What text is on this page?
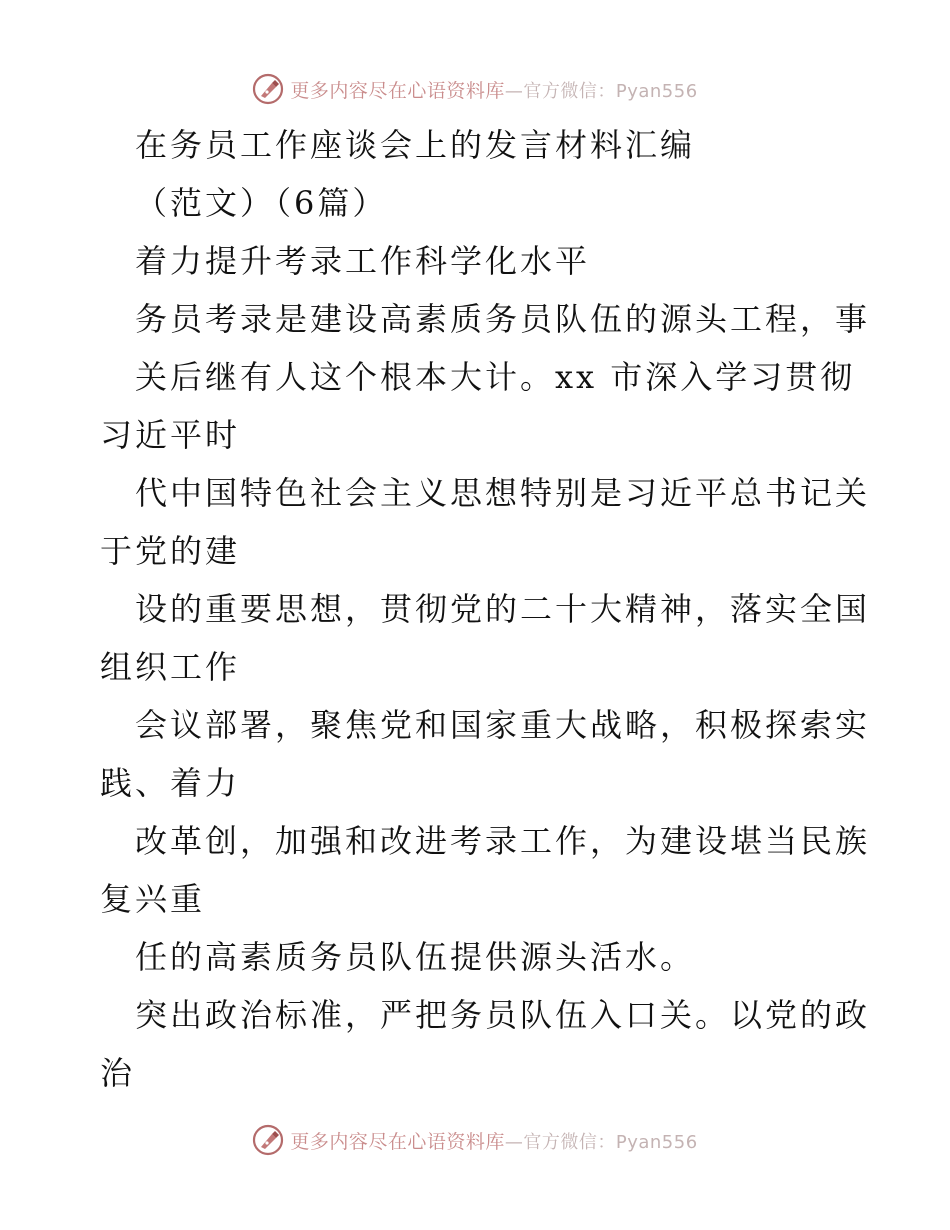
更多内容尽在心语资料库—官方微信：Pyan556
在务员工作座谈会上的发言材料汇编
（范文）（6篇）
着力提升考录工作科学化水平
务员考录是建设高素质务员队伍的源头工程，事
关后继有人这个根本大计。xx 市深入学习贯彻
习近平时
代中国特色社会主义思想特别是习近平总书记关
于党的建
设的重要思想，贯彻党的二十大精神，落实全国
组织工作
会议部署，聚焦党和国家重大战略，积极探索实
践、着力
改革创，加强和改进考录工作，为建设堪当民族
复兴重
任的高素质务员队伍提供源头活水。
突出政治标准，严把务员队伍入口关。以党的政
治
更多内容尽在心语资料库—官方微信：Pyan556
